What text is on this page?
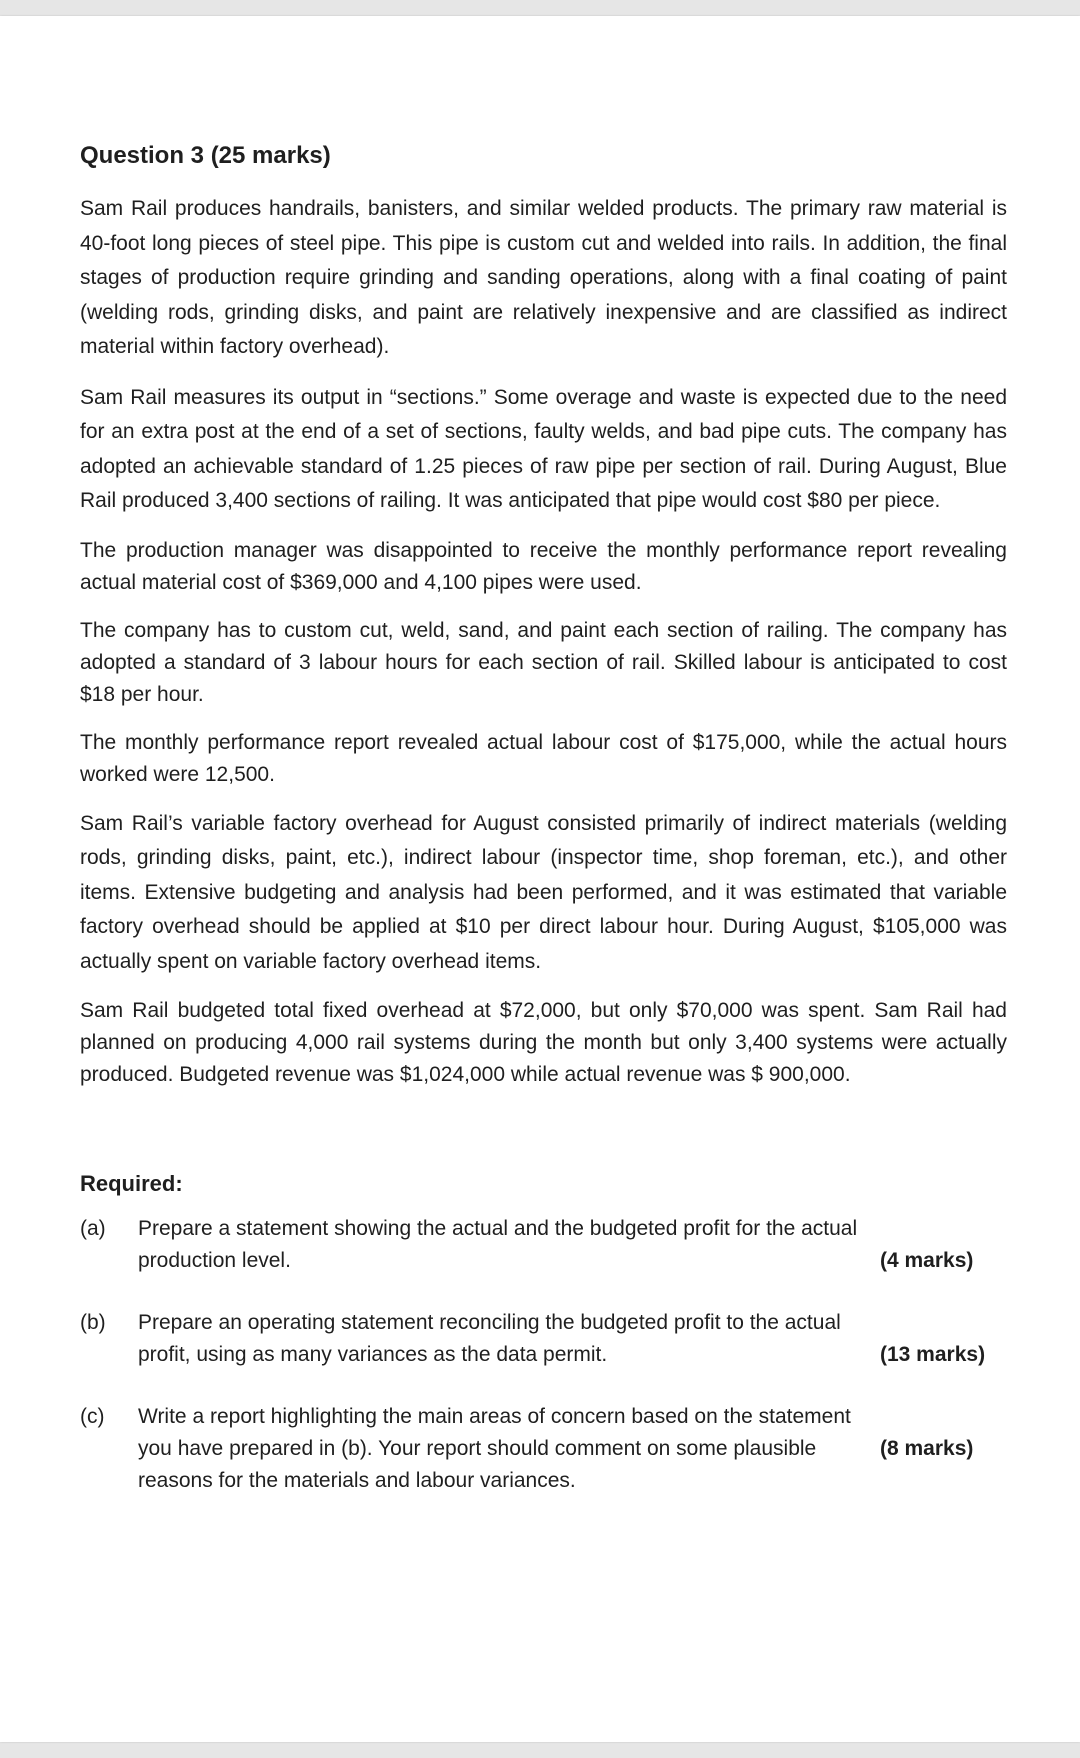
Question 3 (25 marks)

Sam Rail produces handrails, banisters, and similar welded products. The primary raw material is 40-foot long pieces of steel pipe. This pipe is custom cut and welded into rails. In addition, the final stages of production require grinding and sanding operations, along with a final coating of paint (welding rods, grinding disks, and paint are relatively inexpensive and are classified as indirect material within factory overhead).

Sam Rail measures its output in “sections.” Some overage and waste is expected due to the need for an extra post at the end of a set of sections, faulty welds, and bad pipe cuts. The company has adopted an achievable standard of 1.25 pieces of raw pipe per section of rail. During August, Blue Rail produced 3,400 sections of railing. It was anticipated that pipe would cost $80 per piece.

The production manager was disappointed to receive the monthly performance report revealing actual material cost of $369,000 and 4,100 pipes were used.

The company has to custom cut, weld, sand, and paint each section of railing. The company has adopted a standard of 3 labour hours for each section of rail. Skilled labour is anticipated to cost $18 per hour.

The monthly performance report revealed actual labour cost of $175,000, while the actual hours worked were 12,500.

Sam Rail’s variable factory overhead for August consisted primarily of indirect materials (welding rods, grinding disks, paint, etc.), indirect labour (inspector time, shop foreman, etc.), and other items. Extensive budgeting and analysis had been performed, and it was estimated that variable factory overhead should be applied at $10 per direct labour hour. During August, $105,000 was actually spent on variable factory overhead items.

Sam Rail budgeted total fixed overhead at $72,000, but only $70,000 was spent. Sam Rail had planned on producing 4,000 rail systems during the month but only 3,400 systems were actually produced. Budgeted revenue was $1,024,000 while actual revenue was $ 900,000.

Required:
(a) Prepare a statement showing the actual and the budgeted profit for the actual production level.	(4 marks)
(b) Prepare an operating statement reconciling the budgeted profit to the actual profit, using as many variances as the data permit.	(13 marks)
(c) Write a report highlighting the main areas of concern based on the statement you have prepared in (b). Your report should comment on some plausible reasons for the materials and labour variances.
(8 marks)
